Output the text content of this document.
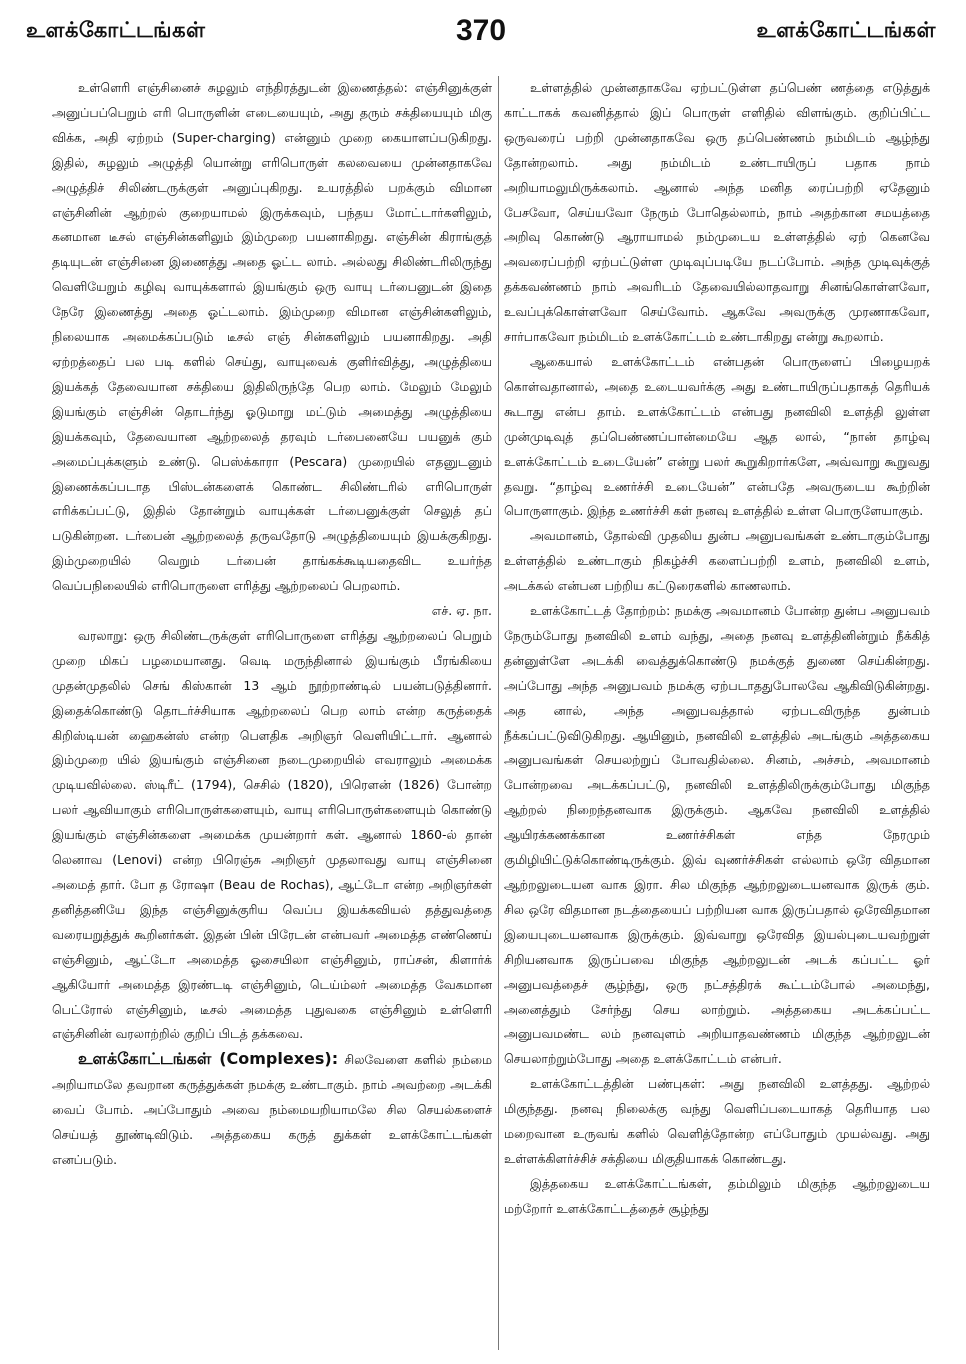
உளக்கோட்டங்கள்	370	உளக்கோட்டங்கள்

உள்ளெரி எஞ்சினைச் சுழலும் எந்திரத்துடன் இணைத்தல்: எஞ்சினுக்குள் அனுப்பப்பெறும் எரி பொருளின் எடையையும், அது தரும் சக்தியையும் மிகு விக்க, அதி ஏற்றம் (Super-charging) என்னும் முறை கையாளப்படுகிறது. இதில், சுழலும் அழுத்தி யொன்று எரிபொருள் கலவையை முன்னதாகவே அழுத்திச் சிலிண்டருக்குள் அனுப்புகிறது. உயரத்தில் பறக்கும் விமான எஞ்சினின் ஆற்றல் குறையாமல் இருக்கவும், பந்தய மோட்டார்களிலும், கனமான டீசல் எஞ்சின்களிலும் இம்முறை பயனாகிறது. எஞ்சின் கிராங்குத் தடியுடன் எஞ்சினை இணைத்து அதை ஓட்ட லாம். அல்லது சிலிண்டரிலிருந்து வெளியேறும் கழிவு வாயுக்களால் இயங்கும் ஒரு வாயு டர்பைனுடன் இதை நேரே இணைத்து அதை ஓட்டலாம். இம்முறை விமான எஞ்சின்களிலும், நிலையாக அமைக்கப்படும் டீசல் எஞ் சின்களிலும் பயனாகிறது. அதி ஏற்றத்தைப் பல படி களில் செய்து, வாயுவைக் குளிர்வித்து, அழுத்தியை இயக்கத் தேவையான சக்தியை இதிலிருந்தே பெற லாம். மேலும் மேலும் இயங்கும் எஞ்சின் தொடர்ந்து ஓடுமாறு மட்டும் அமைத்து அழுத்தியை இயக்கவும், தேவையான ஆற்றலைத் தரவும் டர்பைனையே பயனுக் கும் அமைப்புக்களும் உண்டு. பெஸ்க்காரா (Pescara) முறையில் எதனுடனும் இணைக்கப்படாத பிஸ்டன்களைக் கொண்ட சிலிண்டரில் எரிபொருள் எரிக்கப்பட்டு, இதில் தோன்றும் வாயுக்கள் டர்பைனுக்குள் செலுத் தப் படுகின்றன. டர்பைன் ஆற்றலைத் தருவதோடு அழுத்தியையும் இயக்குகிறது. இம்முறையில் வெறும் டர்பைன் தாங்கக்கூடியதைவிட உயர்ந்த வெப்பநிலையில் எரிபொருளை எரித்து ஆற்றலைப் பெறலாம்.

எச். ஏ. நா.

வரலாறு: ஒரு சிலிண்டருக்குள் எரிபொருளை எரித்து ஆற்றலைப் பெறும் முறை மிகப் பழமையானது. வெடி மருந்தினால் இயங்கும் பீரங்கியை முதன்முதலில் செங் கிஸ்கான் 13 ஆம் நூற்றாண்டில் பயன்படுத்தினார். இதைக்கொண்டு தொடர்ச்சியாக ஆற்றலைப் பெற லாம் என்ற கருத்தைக் கிறிஸ்டியன் ஹைகன்ஸ் என்ற பௌதிக அறிஞர் வெளியிட்டார். ஆனால் இம்முறை யில் இயங்கும் எஞ்சினை நடைமுறையில் எவராலும் அமைக்க முடியவில்லை. ஸ்டிரீட் (1794), செசில் (1820), பிரௌன் (1826) போன்ற பலர் ஆவியாகும் எரிபொருள்களையும், வாயு எரிபொருள்களையும் கொண்டு இயங்கும் எஞ்சின்களை அமைக்க முயன்றார் கள். ஆனால் 1860-ல் தான் லெனாவ (Lenovi) என்ற பிரெஞ்சு அறிஞர் முதலாவது வாயு எஞ்சினை அமைத் தார். போ த ரோஷா (Beau de Rochas), ஆட்டோ என்ற அறிஞர்கள் தனித்தனியே இந்த எஞ்சினுக்குரிய வெப்ப இயக்கவியல் தத்துவத்தை வரையறுத்துக் கூறினர்கள். இதன் பின் பிரேடன் என்பவர் அமைத்த எண்ணெய் எஞ்சினும், ஆட்டோ அமைத்த ஓசையிலா எஞ்சினும், ராப்சன், கிளார்க் ஆகியோர் அமைத்த இரண்டடி எஞ்சினும், டெய்ம்லர் அமைத்த வேகமான பெட்ரோல் எஞ்சினும், டீசல் அமைத்த புதுவகை எஞ்சினும் உள்ளெரி எஞ்சினின் வரலாற்றில் குறிப் பிடத் தக்கவை.

உளக்கோட்டங்கள் (Complexes): சிலவேளை களில் நம்மை அறியாமலே தவறான கருத்துக்கள் நமக்கு உண்டாகும். நாம் அவற்றை அடக்கி வைப் போம். அப்போதும் அவை நம்மையறியாமலே சில செயல்களைச் செய்யத் தூண்டிவிடும். அத்தகைய கருத் துக்கள் உளக்கோட்டங்கள் எனப்படும்.

உள்ளத்தில் முன்னதாகவே ஏற்பட்டுள்ள தப்பெண் ணத்தை எடுத்துக் காட்டாகக் கவனித்தால் இப் பொருள் எளிதில் விளங்கும். குறிப்பிட்ட ஒருவரைப் பற்றி முன்னதாகவே ஒரு தப்பெண்ணம் நம்மிடம் ஆழ்ந்து தோன்றலாம். அது நம்மிடம் உண்டாயிருப் பதாக நாம் அறியாமலுமிருக்கலாம். ஆனால் அந்த மனித ரைப்பற்றி ஏதேனும் பேசவோ, செய்யவோ நேரும் போதெல்லாம், நாம் அதற்கான சமயத்தை அறிவு கொண்டு ஆராயாமல் நம்முடைய உள்ளத்தில் ஏற் கெனவே அவரைப்பற்றி ஏற்பட்டுள்ள முடிவுப்படியே நடப்போம். அந்த முடிவுக்குத் தக்கவண்ணம் நாம் அவரிடம் தேவையில்லாதவாறு சினங்கொள்ளவோ, உவப்புக்கொள்ளவோ செய்வோம். ஆகவே அவருக்கு முரணாகவோ, சார்பாகவோ நம்மிடம் உளக்கோட்டம் உண்டாகிறது என்று கூறலாம்.

ஆகையால் உளக்கோட்டம் என்பதன் பொருளைப் பிழையறக் கொள்வதானால், அதை உடையவர்க்கு அது உண்டாயிருப்பதாகத் தெரியக் கூடாது என்ப தாம். உளக்கோட்டம் என்பது நனவிலி உளத்தி லுள்ள முன்முடிவுத் தப்பெண்ணப்பான்மையே ஆத லால், “நான் தாழ்வு உளக்கோட்டம் உடையேன்” என்று பலர் கூறுகிறார்களே, அவ்வாறு கூறுவது தவறு. “தாழ்வு உணர்ச்சி உடையேன்” என்பதே அவருடைய கூற்றின் பொருளாகும். இந்த உணர்ச்சி கள் நனவு உளத்தில் உள்ள பொருளேயாகும்.

அவமானம், தோல்வி முதலிய துன்ப அனுபவங்கள் உண்டாகும்போது உள்ளத்தில் உண்டாகும் நிகழ்ச்சி களைப்பற்றி உளம், நனவிலி உளம், அடக்கல் என்பன பற்றிய கட்டுரைகளில் காணலாம்.

உளக்கோட்டத் தோற்றம்: நமக்கு அவமானம் போன்ற துன்ப அனுபவம் நேரும்போது நனவிலி உளம் வந்து, அதை நனவு உளத்தினின்றும் நீக்கித் தன்னுள்ளே அடக்கி வைத்துக்கொண்டு நமக்குத் துணை செய்கின்றது. அப்போது அந்த அனுபவம் நமக்கு ஏற்படாததுபோலவே ஆகிவிடுகின்றது. அத னால், அந்த அனுபவத்தால் ஏற்படவிருந்த துன்பம் நீக்கப்பட்டுவிடுகிறது. ஆயினும், நனவிலி உளத்தில் அடங்கும் அத்தகைய அனுபவங்கள் செயலற்றுப் போவதில்லை. சினம், அச்சம், அவமானம் போன்றவை அடக்கப்பட்டு, நனவிலி உளத்திலிருக்கும்போது மிகுந்த ஆற்றல் நிறைந்தனவாக இருக்கும். ஆகவே நனவிலி உளத்தில் ஆயிரக்கணக்கான உணர்ச்சிகள் எந்த நேரமும் குமிழியிட்டுக்கொண்டிருக்கும். இவ் வுணர்ச்சிகள் எல்லாம் ஒரே விதமான ஆற்றலுடையன வாக இரா. சில மிகுந்த ஆற்றலுடையனவாக இருக் கும். சில ஒரே விதமான நடத்தையைப் பற்றியன வாக இருப்பதால் ஒரேவிதமான இயைபுடையனவாக இருக்கும். இவ்வாறு ஒரேவித இயல்புடையவற்றுள் சிறியனவாக இருப்பவை மிகுந்த ஆற்றலுடன் அடக் கப்பட்ட ஓர் அனுபவத்தைச் சூழ்ந்து, ஒரு நட்சத்திரக் கூட்டம்போல் அமைந்து, அனைத்தும் சேர்ந்து செய லாற்றும். அத்தகைய அடக்கப்பட்ட அனுபவமண்ட லம் நனவுளம் அறியாதவண்ணம் மிகுந்த ஆற்றலுடன் செயலாற்றும்போது அதை உளக்கோட்டம் என்பர்.

உளக்கோட்டத்தின் பண்புகள்: அது நனவிலி உளத்தது. ஆற்றல் மிகுந்தது. நனவு நிலைக்கு வந்து வெளிப்படையாகத் தெரியாத பல மறைவான உருவங் களில் வெளித்தோன்ற எப்போதும் முயல்வது. அது உள்ளக்கிளர்ச்சிச் சக்தியை மிகுதியாகக் கொண்டது.

இத்தகைய உளக்கோட்டங்கள், தம்மிலும் மிகுந்த ஆற்றலுடைய மற்றோர் உளக்கோட்டத்தைச் சூழ்ந்து
